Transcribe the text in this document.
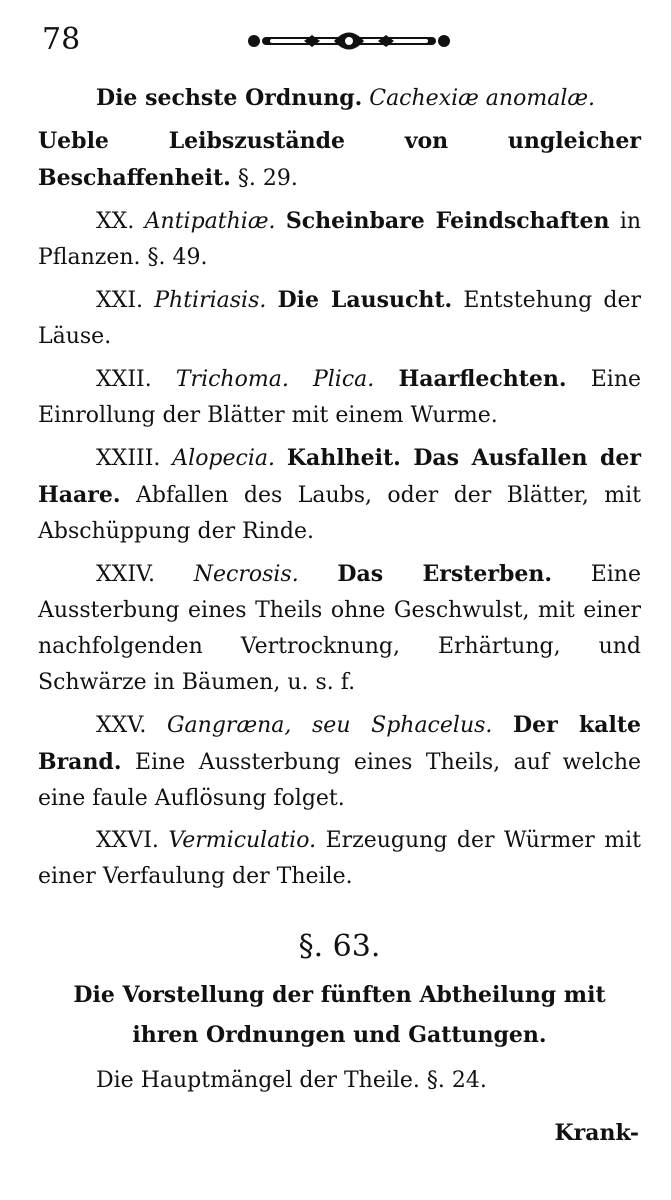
78

Die sechste Ordnung. Cachexiæ anomalæ.

Ueble Leibszustände von ungleicher Beschaffenheit. §. 29.

XX. Antipathiæ. Scheinbare Feindschaften in Pflanzen. §. 49.

XXI. Phtiriasis. Die Lausucht. Entstehung der Läuse.

XXII. Trichoma. Plica. Haarflechten. Eine Einrollung der Blätter mit einem Wurme.

XXIII. Alopecia. Kahlheit. Das Ausfallen der Haare. Abfallen des Laubs, oder der Blätter, mit Abschüppung der Rinde.

XXIV. Necrosis. Das Ersterben. Eine Aussterbung eines Theils ohne Geschwulst, mit einer nachfolgenden Vertrocknung, Erhärtung, und Schwärze in Bäumen, u. s. f.

XXV. Gangræna, seu Sphacelus. Der kalte Brand. Eine Aussterbung eines Theils, auf welche eine faule Auflösung folget.

XXVI. Vermiculatio. Erzeugung der Würmer mit einer Verfaulung der Theile.

§. 63.
Die Vorstellung der fünften Abtheilung mit ihren Ordnungen und Gattungen.

Die Hauptmängel der Theile. §. 24.

Krank-
